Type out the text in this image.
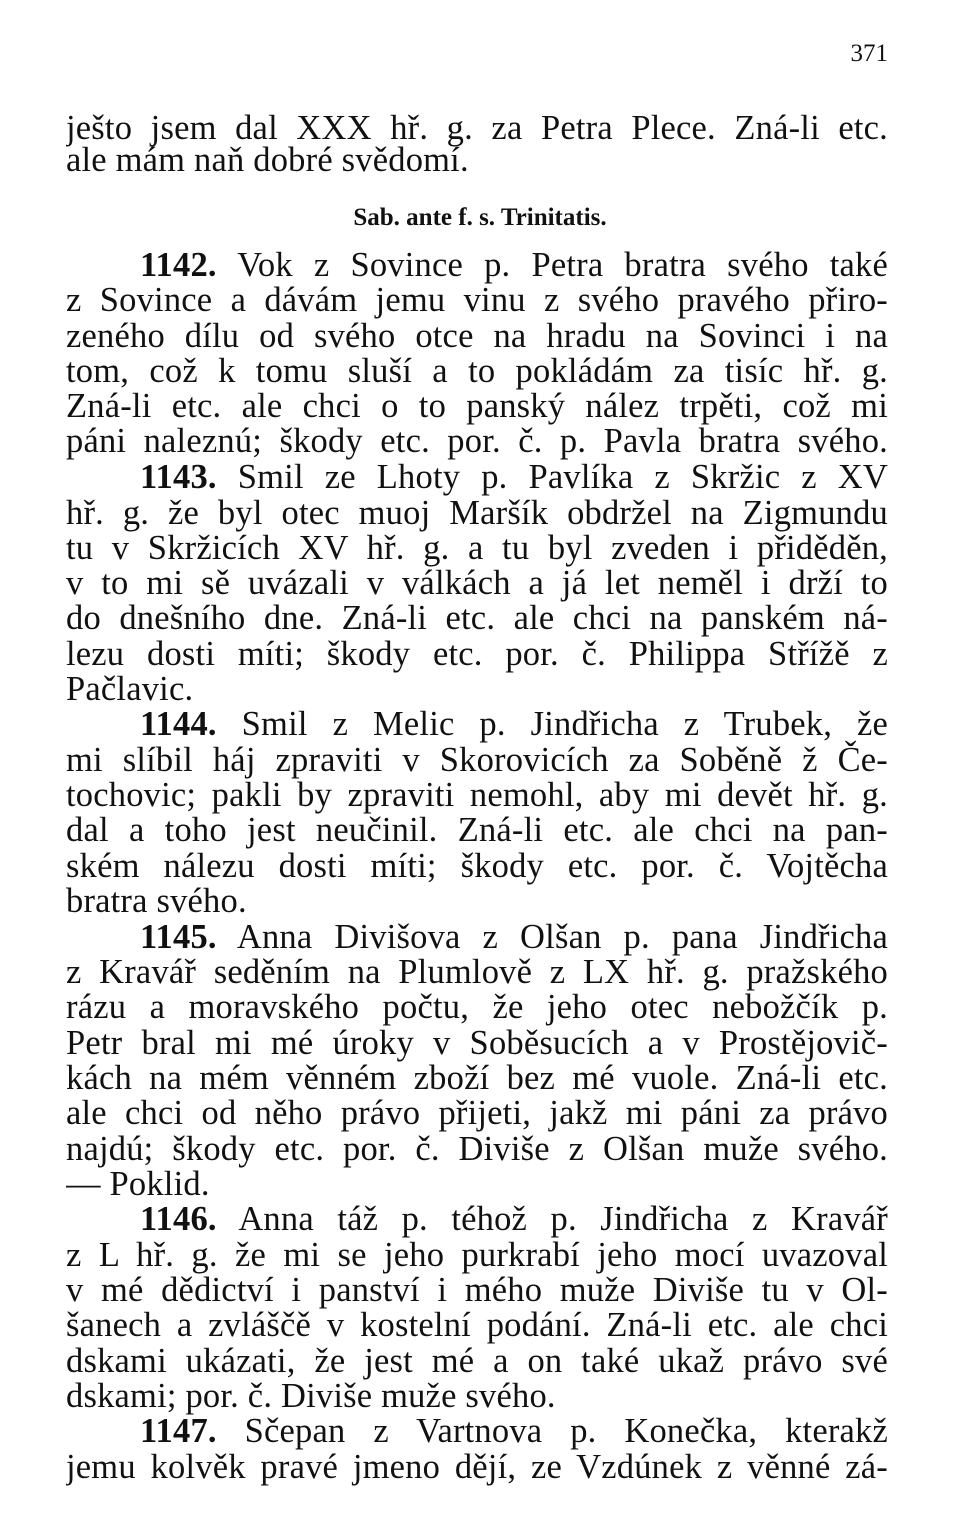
371
ješto jsem dal XXX hř. g. za Petra Plece. Zná-li etc.
ale mám naň dobré svědomí.
Sab. ante f. s. Trinitatis.
1142. Vok z Sovince p. Petra bratra svého také
z Sovince a dávám jemu vinu z svého pravého přiro-
zeného dílu od svého otce na hradu na Sovinci i na
tom, což k tomu sluší a to pokládám za tisíc hř. g.
Zná-li etc. ale chci o to panský nález trpěti, což mi
páni naleznú; škody etc. por. č. p. Pavla bratra svého.
1143. Smil ze Lhoty p. Pavlíka z Skržic z XV
hř. g. že byl otec muoj Maršík obdržel na Zigmundu
tu v Skržicích XV hř. g. a tu byl zveden i přiděděn,
v to mi sě uvázali v válkách a já let neměl i drží to
do dnešního dne. Zná-li etc. ale chci na panském ná-
lezu dosti míti; škody etc. por. č. Philippa Střížě z
Pačlavic.
1144. Smil z Melic p. Jindřicha z Trubek, že
mi slíbil háj zpraviti v Skorovicích za Soběně ž Če-
tochovic; pakli by zpraviti nemohl, aby mi devět hř. g.
dal a toho jest neučinil. Zná-li etc. ale chci na pan-
ském nálezu dosti míti; škody etc. por. č. Vojtěcha
bratra svého.
1145. Anna Divišova z Olšan p. pana Jindřicha
z Kravář seděním na Plumlově z LX hř. g. pražského
rázu a moravského počtu, že jeho otec nebožčík p.
Petr bral mi mé úroky v Soběsucích a v Prostějovič-
kách na mém věnném zboží bez mé vuole. Zná-li etc.
ale chci od něho právo přijeti, jakž mi páni za právo
najdú; škody etc. por. č. Diviše z Olšan muže svého.
— Poklid.
1146. Anna táž p. téhož p. Jindřicha z Kravář
z L hř. g. že mi se jeho purkrabí jeho mocí uvazoval
v mé dědictví i panství i mého muže Diviše tu v Ol-
šanech a zvláščě v kostelní podání. Zná-li etc. ale chci
dskami ukázati, že jest mé a on také ukaž právo své
dskami; por. č. Diviše muže svého.
1147. Sčepan z Vartnova p. Konečka, kterakž
jemu kolvěk pravé jmeno dějí, ze Vzdúnek z věnné zá-
